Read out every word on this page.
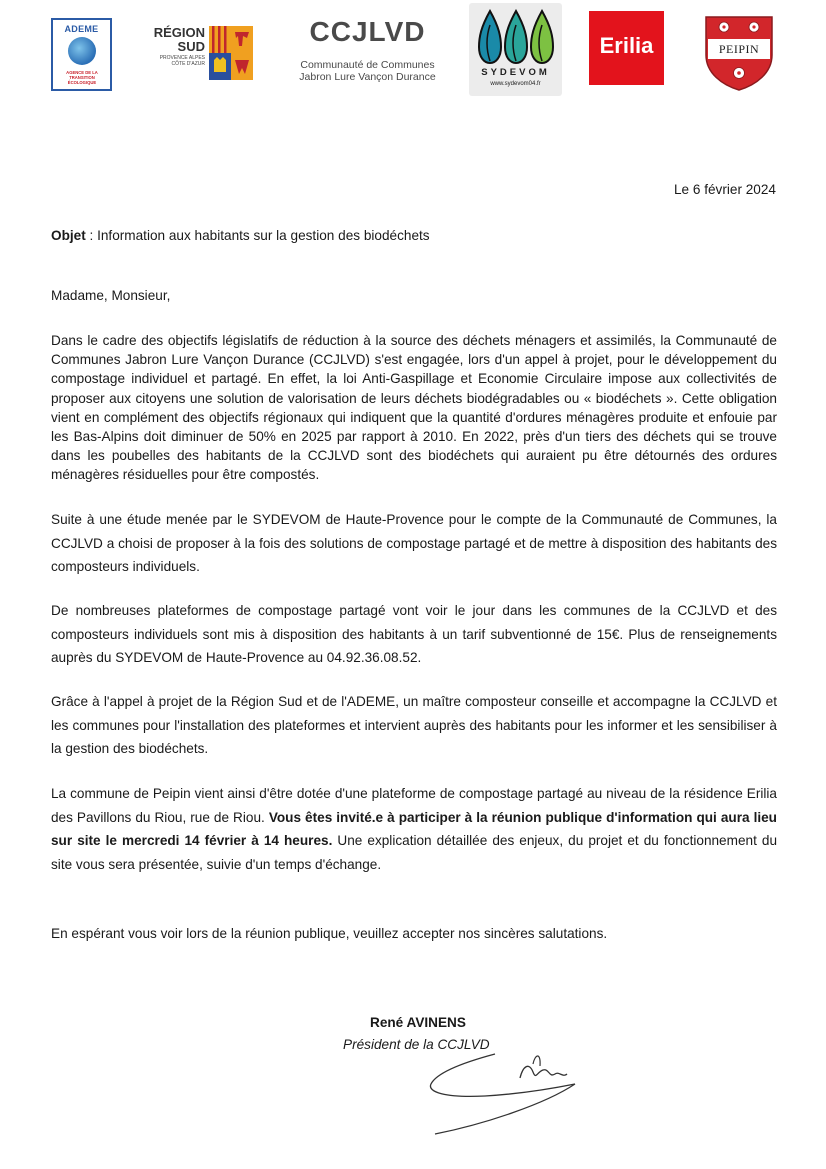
ADEME
AGENCE DE LA TRANSITION ÉCOLOGIQUE
RÉGION SUD
PROVENCE ALPES CÔTE D'AZUR
CCJLVD
Communauté de Communes
Jabron Lure Vançon Durance	SYDEVOM
www.sydevom04.fr
Erilia	PEIPIN
Le 6 février 2024
Objet : Information aux habitants sur la gestion des biodéchets
Madame, Monsieur,

Dans le cadre des objectifs législatifs de réduction à la source des déchets ménagers et assimilés, la Communauté de Communes Jabron Lure Vançon Durance (CCJLVD) s'est engagée, lors d'un appel à projet, pour le développement du compostage individuel et partagé. En effet, la loi Anti-Gaspillage et Economie Circulaire impose aux collectivités de proposer aux citoyens une solution de valorisation de leurs déchets biodégradables ou « biodéchets ». Cette obligation vient en complément des objectifs régionaux qui indiquent que la quantité d'ordures ménagères produite et enfouie par les Bas-Alpins doit diminuer de 50% en 2025 par rapport à 2010. En 2022, près d'un tiers des déchets qui se trouve dans les poubelles des habitants de la CCJLVD sont des biodéchets qui auraient pu être détournés des ordures ménagères résiduelles pour être compostés.

Suite à une étude menée par le SYDEVOM de Haute-Provence pour le compte de la Communauté de Communes, la CCJLVD a choisi de proposer à la fois des solutions de compostage partagé et de mettre à disposition des habitants des composteurs individuels.

De nombreuses plateformes de compostage partagé vont voir le jour dans les communes de la CCJLVD et des composteurs individuels sont mis à disposition des habitants à un tarif subventionné de 15€. Plus de renseignements auprès du SYDEVOM de Haute-Provence au 04.92.36.08.52.

Grâce à l'appel à projet de la Région Sud et de l'ADEME, un maître composteur conseille et accompagne la CCJLVD et les communes pour l'installation des plateformes et intervient auprès des habitants pour les informer et les sensibiliser à la gestion des biodéchets.

La commune de Peipin vient ainsi d'être dotée d'une plateforme de compostage partagé au niveau de la résidence Erilia des Pavillons du Riou, rue de Riou. Vous êtes invité.e à participer à la réunion publique d'information qui aura lieu sur site le mercredi 14 février à 14 heures. Une explication détaillée des enjeux, du projet et du fonctionnement du site vous sera présentée, suivie d'un temps d'échange.

En espérant vous voir lors de la réunion publique, veuillez accepter nos sincères salutations.
René AVINENS
Président de la CCJLVD
